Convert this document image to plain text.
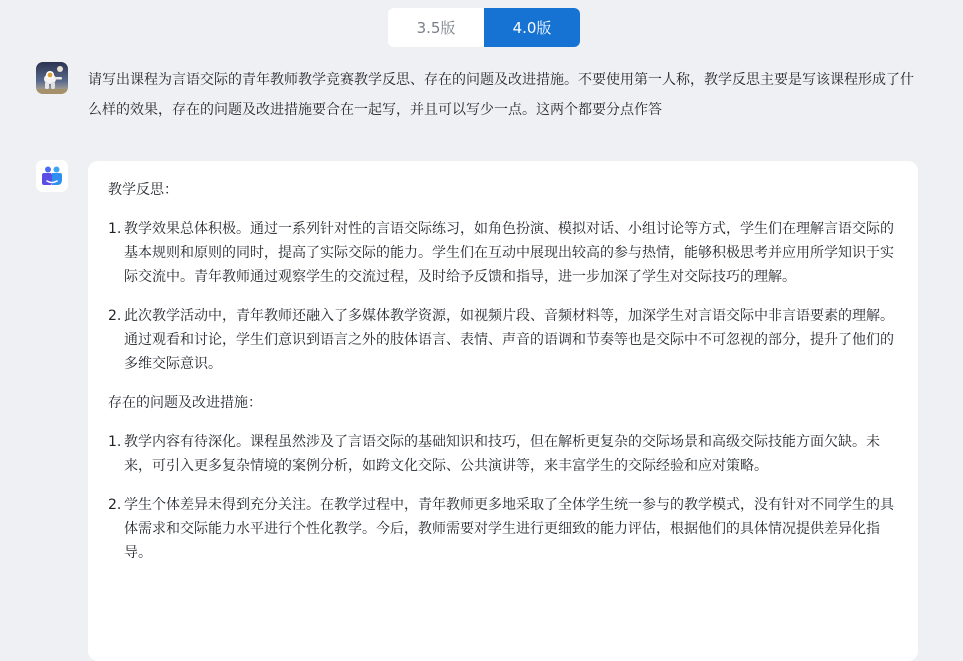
3.5版	4.0版

请写出课程为言语交际的青年教师教学竞赛教学反思、存在的问题及改进措施。不要使用第一人称，教学反思主要是写该课程形成了什么样的效果，存在的问题及改进措施要合在一起写，并且可以写少一点。这两个都要分点作答

教学反思：

1. 教学效果总体积极。通过一系列针对性的言语交际练习，如角色扮演、模拟对话、小组讨论等方式，学生们在理解言语交际的基本规则和原则的同时，提高了实际交际的能力。学生们在互动中展现出较高的参与热情，能够积极思考并应用所学知识于实际交流中。青年教师通过观察学生的交流过程，及时给予反馈和指导，进一步加深了学生对交际技巧的理解。
2. 此次教学活动中，青年教师还融入了多媒体教学资源，如视频片段、音频材料等，加深学生对言语交际中非言语要素的理解。通过观看和讨论，学生们意识到语言之外的肢体语言、表情、声音的语调和节奏等也是交际中不可忽视的部分，提升了他们的多维交际意识。

存在的问题及改进措施：

1. 教学内容有待深化。课程虽然涉及了言语交际的基础知识和技巧，但在解析更复杂的交际场景和高级交际技能方面欠缺。未来，可引入更多复杂情境的案例分析，如跨文化交际、公共演讲等，来丰富学生的交际经验和应对策略。
2. 学生个体差异未得到充分关注。在教学过程中，青年教师更多地采取了全体学生统一参与的教学模式，没有针对不同学生的具体需求和交际能力水平进行个性化教学。今后，教师需要对学生进行更细致的能力评估，根据他们的具体情况提供差异化指导。
